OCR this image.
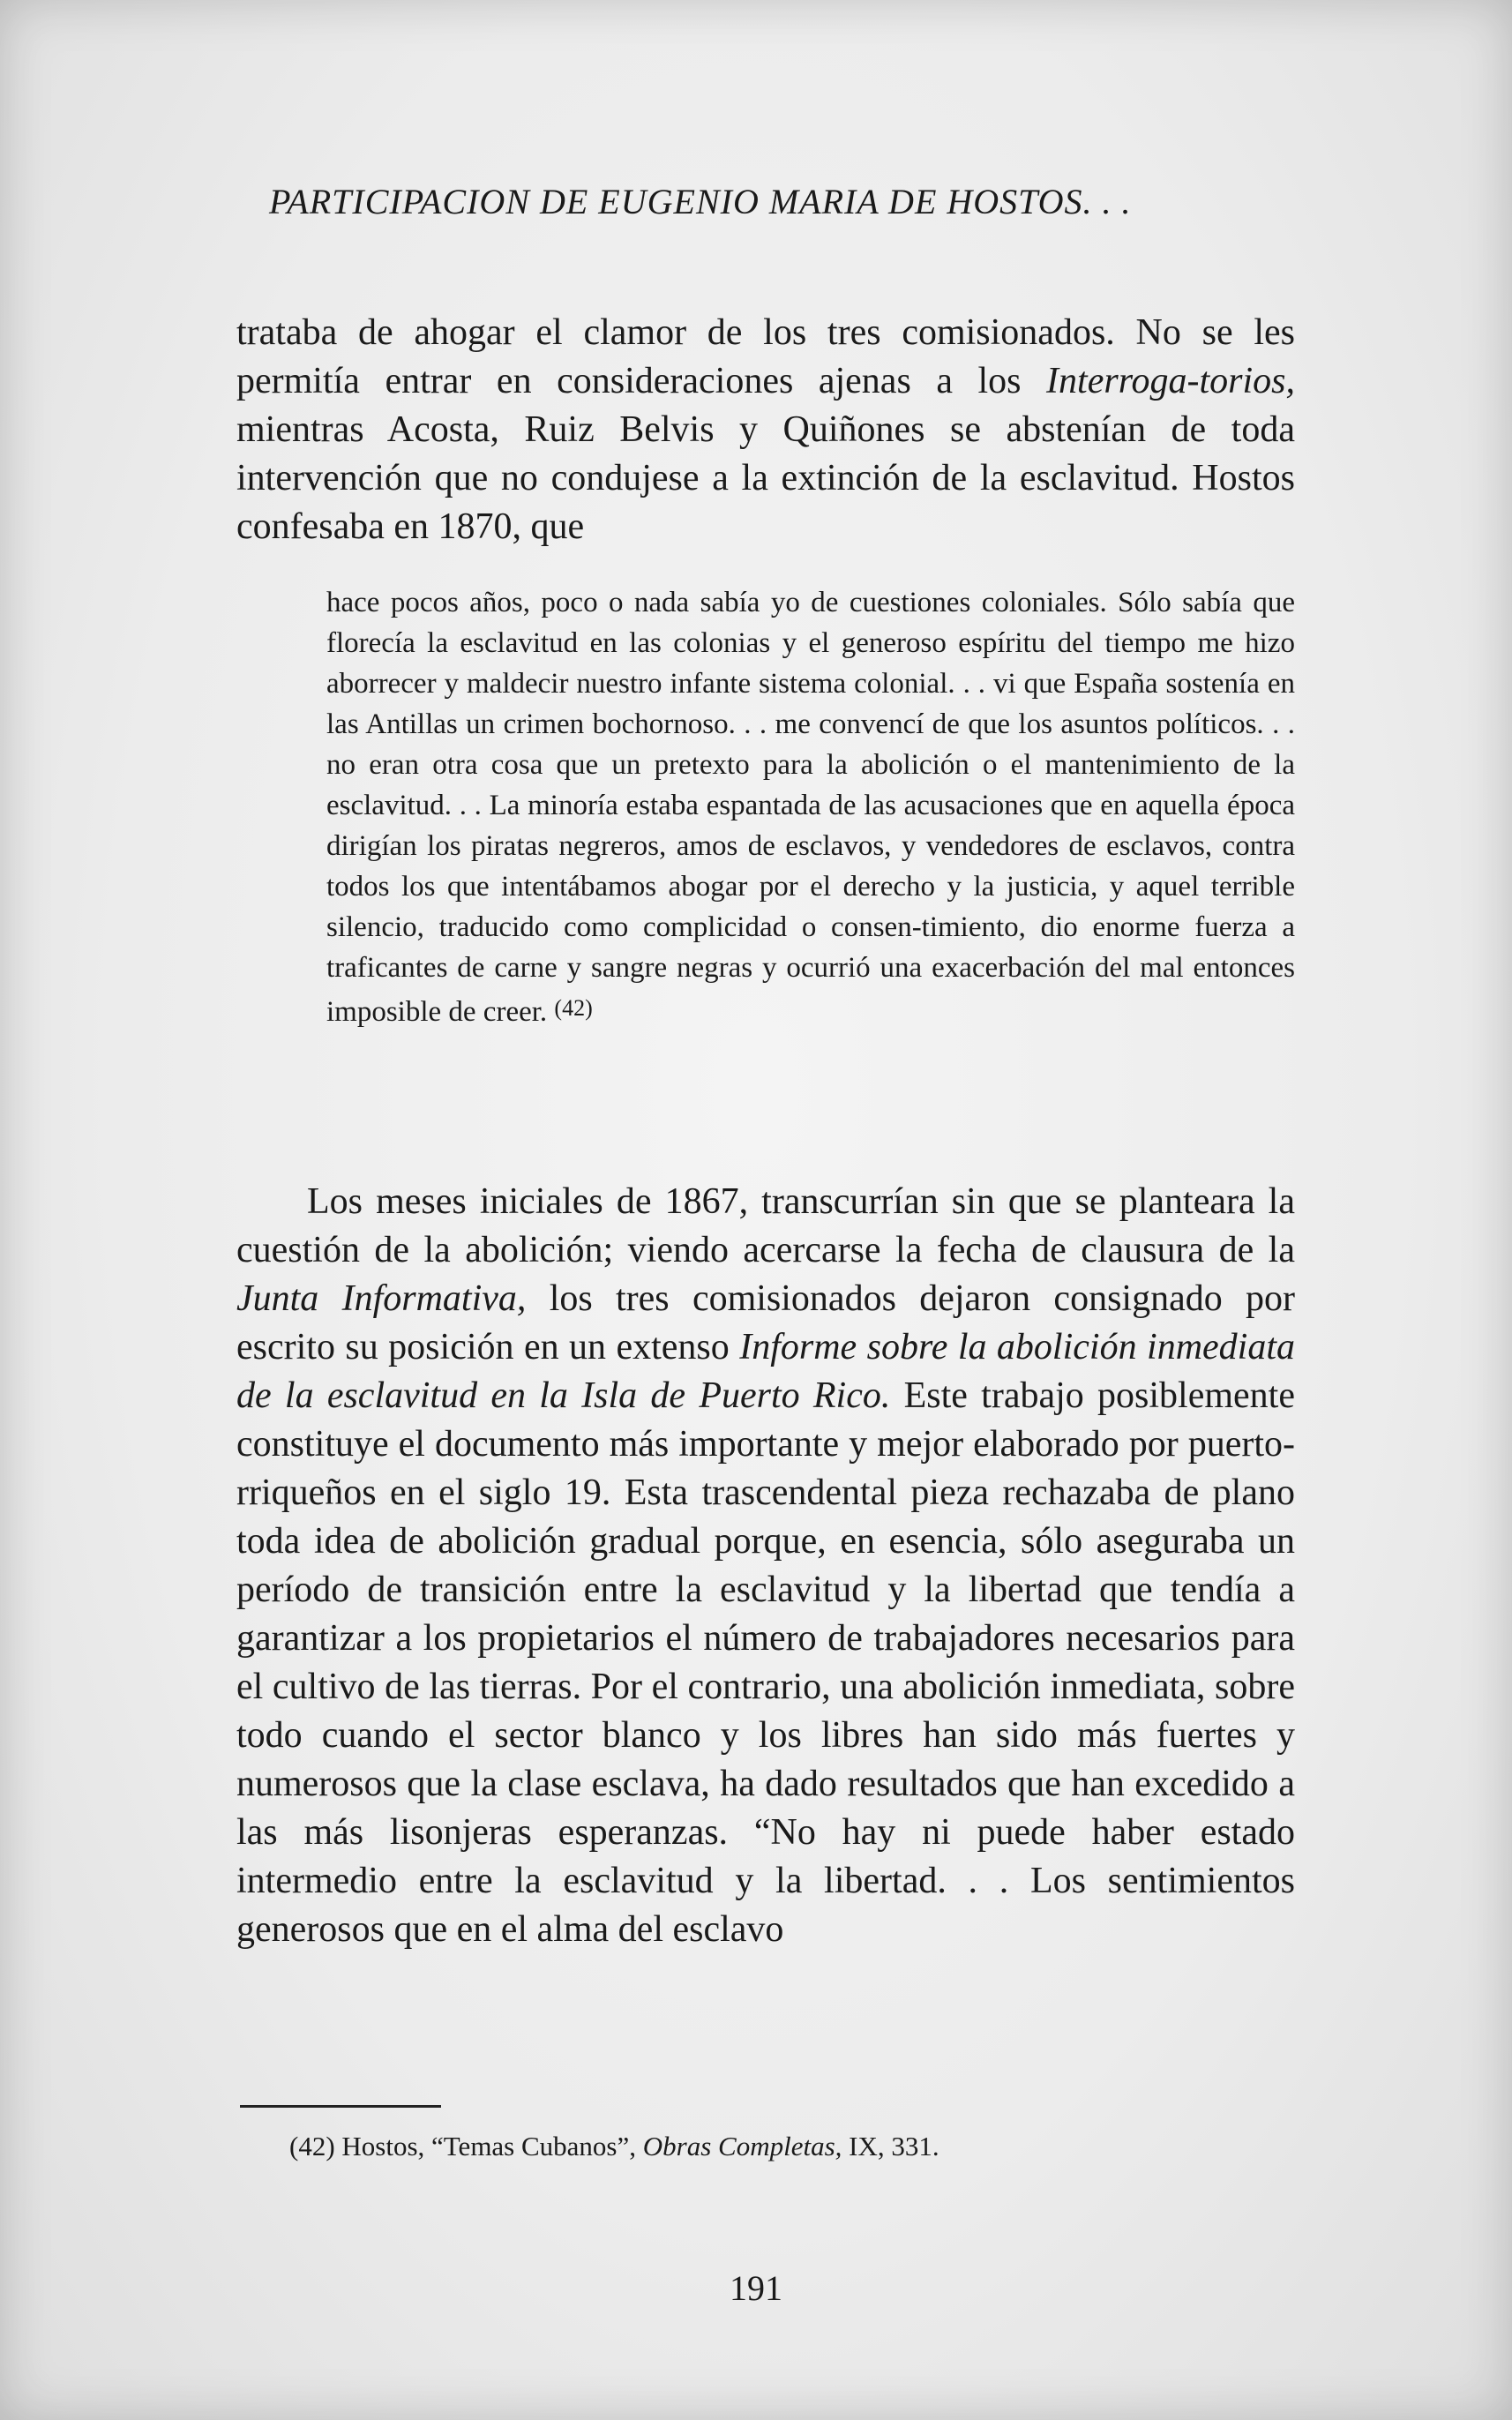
PARTICIPACION DE EUGENIO MARIA DE HOSTOS. . .

trataba de ahogar el clamor de los tres comisionados. No se les permitía entrar en consideraciones ajenas a los Interroga-torios, mientras Acosta, Ruiz Belvis y Quiñones se abstenían de toda intervención que no condujese a la extinción de la esclavitud. Hostos confesaba en 1870, que

hace pocos años, poco o nada sabía yo de cuestiones coloniales. Sólo sabía que florecía la esclavitud en las colonias y el generoso espíritu del tiempo me hizo aborrecer y maldecir nuestro infante sistema colonial. . . vi que España sostenía en las Antillas un crimen bochornoso. . . me convencí de que los asuntos políticos. . . no eran otra cosa que un pretexto para la abolición o el mantenimiento de la esclavitud. . . La minoría estaba espantada de las acusaciones que en aquella época dirigían los piratas negreros, amos de esclavos, y vendedores de esclavos, contra todos los que intentábamos abogar por el derecho y la justicia, y aquel terrible silencio, traducido como complicidad o consen-timiento, dio enorme fuerza a traficantes de carne y sangre negras y ocurrió una exacerbación del mal entonces imposible de creer. (42)

Los meses iniciales de 1867, transcurrían sin que se planteara la cuestión de la abolición; viendo acercarse la fecha de clausura de la Junta Informativa, los tres comisionados dejaron consignado por escrito su posición en un extenso Informe sobre la abolición inmediata de la esclavitud en la Isla de Puerto Rico. Este trabajo posiblemente constituye el documento más importante y mejor elaborado por puerto-rriqueños en el siglo 19. Esta trascendental pieza rechazaba de plano toda idea de abolición gradual porque, en esencia, sólo aseguraba un período de transición entre la esclavitud y la libertad que tendía a garantizar a los propietarios el número de trabajadores necesarios para el cultivo de las tierras. Por el contrario, una abolición inmediata, sobre todo cuando el sector blanco y los libres han sido más fuertes y numerosos que la clase esclava, ha dado resultados que han excedido a las más lisonjeras esperanzas. “No hay ni puede haber estado intermedio entre la esclavitud y la libertad. . . Los sentimientos generosos que en el alma del esclavo

(42) Hostos, “Temas Cubanos”, Obras Completas, IX, 331.

191
